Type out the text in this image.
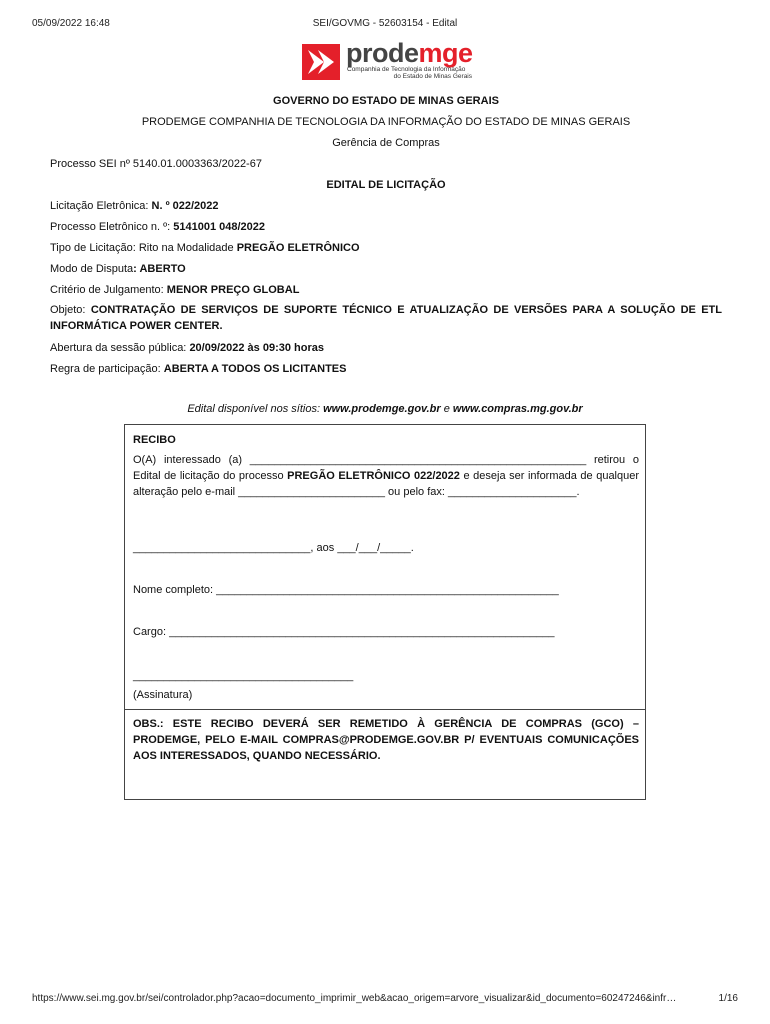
05/09/2022 16:48	SEI/GOVMG - 52603154 - Edital
prodemge
Companhia de Tecnologia da Informação
do Estado de Minas Gerais
GOVERNO DO ESTADO DE MINAS GERAIS
PRODEMGE COMPANHIA DE TECNOLOGIA DA INFORMAÇÃO DO ESTADO DE MINAS GERAIS
Gerência de Compras
Processo SEI nº 5140.01.0003363/2022-67
EDITAL DE LICITAÇÃO
Licitação Eletrônica: N. º 022/2022
Processo Eletrônico n. º: 5141001 048/2022
Tipo de Licitação: Rito na Modalidade PREGÃO ELETRÔNICO
Modo de Disputa: ABERTO
Critério de Julgamento: MENOR PREÇO GLOBAL
Objeto: CONTRATAÇÃO DE SERVIÇOS DE SUPORTE TÉCNICO E ATUALIZAÇÃO DE VERSÕES PARA A SOLUÇÃO DE ETL INFORMÁTICA POWER CENTER.
Abertura da sessão pública: 20/09/2022 às 09:30 horas
Regra de participação: ABERTA A TODOS OS LICITANTES
Edital disponível nos sítios: www.prodemge.gov.br e www.compras.mg.gov.br
RECIBO
O(A) interessado (a) _______________________________________________________ retirou o Edital de licitação do processo PREGÃO ELETRÔNICO 022/2022 e deseja ser informada de qualquer alteração pelo e-mail ________________________ ou pelo fax: _____________________.
_____________________________, aos ___/___/_____.
Nome completo: ________________________________________________________
Cargo: _______________________________________________________________
____________________________________
(Assinatura)
OBS.: ESTE RECIBO DEVERÁ SER REMETIDO À GERÊNCIA DE COMPRAS (GCO) – PRODEMGE, PELO E-MAIL COMPRAS@PRODEMGE.GOV.BR P/ EVENTUAIS COMUNICAÇÕES AOS INTERESSADOS, QUANDO NECESSÁRIO.
https://www.sei.mg.gov.br/sei/controlador.php?acao=documento_imprimir_web&acao_origem=arvore_visualizar&id_documento=60247246&infr…	1/16
